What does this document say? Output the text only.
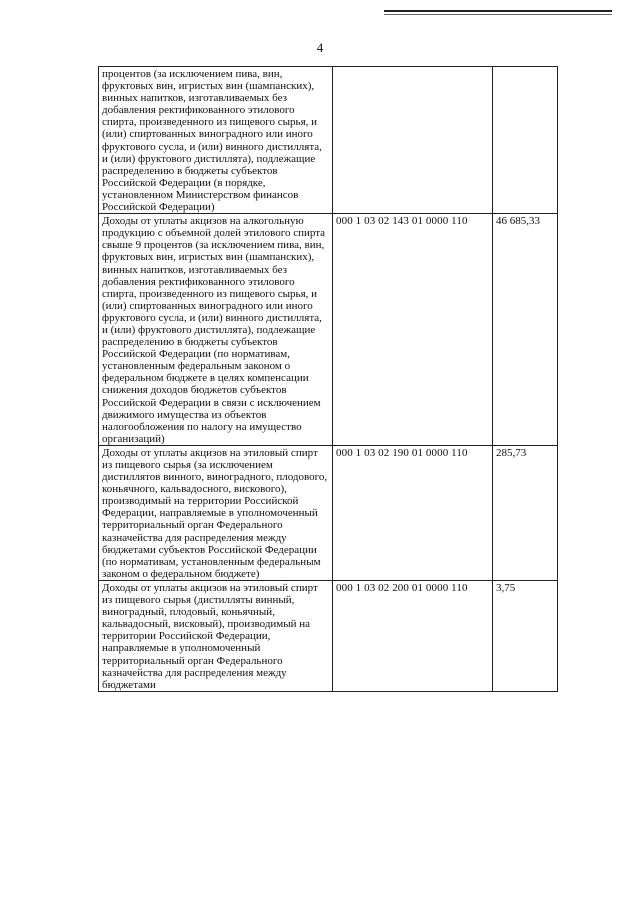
4
процентов (за исключением пива, вин, фруктовых вин, игристых вин (шампанских), винных напитков, изготавливаемых без добавления ректификованного этилового спирта, произведенного из пищевого сырья, и (или) спиртованных виноградного или иного фруктового сусла, и (или) винного дистиллята, и (или) фруктового дистиллята), подлежащие распределению в бюджеты субъектов Российской Федерации (в порядке, установленном Министерством финансов Российской Федерации)		
Доходы от уплаты акцизов на алкогольную продукцию с объемной долей этилового спирта свыше 9 процентов (за исключением пива, вин, фруктовых вин, игристых вин (шампанских), винных напитков, изготавливаемых без добавления ректификованного этилового спирта, произведенного из пищевого сырья, и (или) спиртованных виноградного или иного фруктового сусла, и (или) винного дистиллята, и (или) фруктового дистиллята), подлежащие распределению в бюджеты субъектов Российской Федерации (по нормативам, установленным федеральным законом о федеральном бюджете в целях компенсации снижения доходов бюджетов субъектов Российской Федерации в связи с исключением движимого имущества из объектов налогообложения по налогу на имущество организаций)	000 1 03 02 143 01 0000 110	46 685,33
Доходы от уплаты акцизов на этиловый спирт из пищевого сырья (за исключением дистиллятов винного, виноградного, плодового, коньячного, кальвадосного, вискового), производимый на территории Российской Федерации, направляемые в уполномоченный территориальный орган Федерального казначейства для распределения между бюджетами субъектов Российской Федерации (по нормативам, установленным федеральным законом о федеральном бюджете)	000 1 03 02 190 01 0000 110	285,73
Доходы от уплаты акцизов на этиловый спирт из пищевого сырья (дистилляты винный, виноградный, плодовый, коньячный, кальвадосный, висковый), производимый на территории Российской Федерации, направляемые в уполномоченный территориальный орган Федерального казначейства для распределения между бюджетами	000 1 03 02 200 01 0000 110	3,75
